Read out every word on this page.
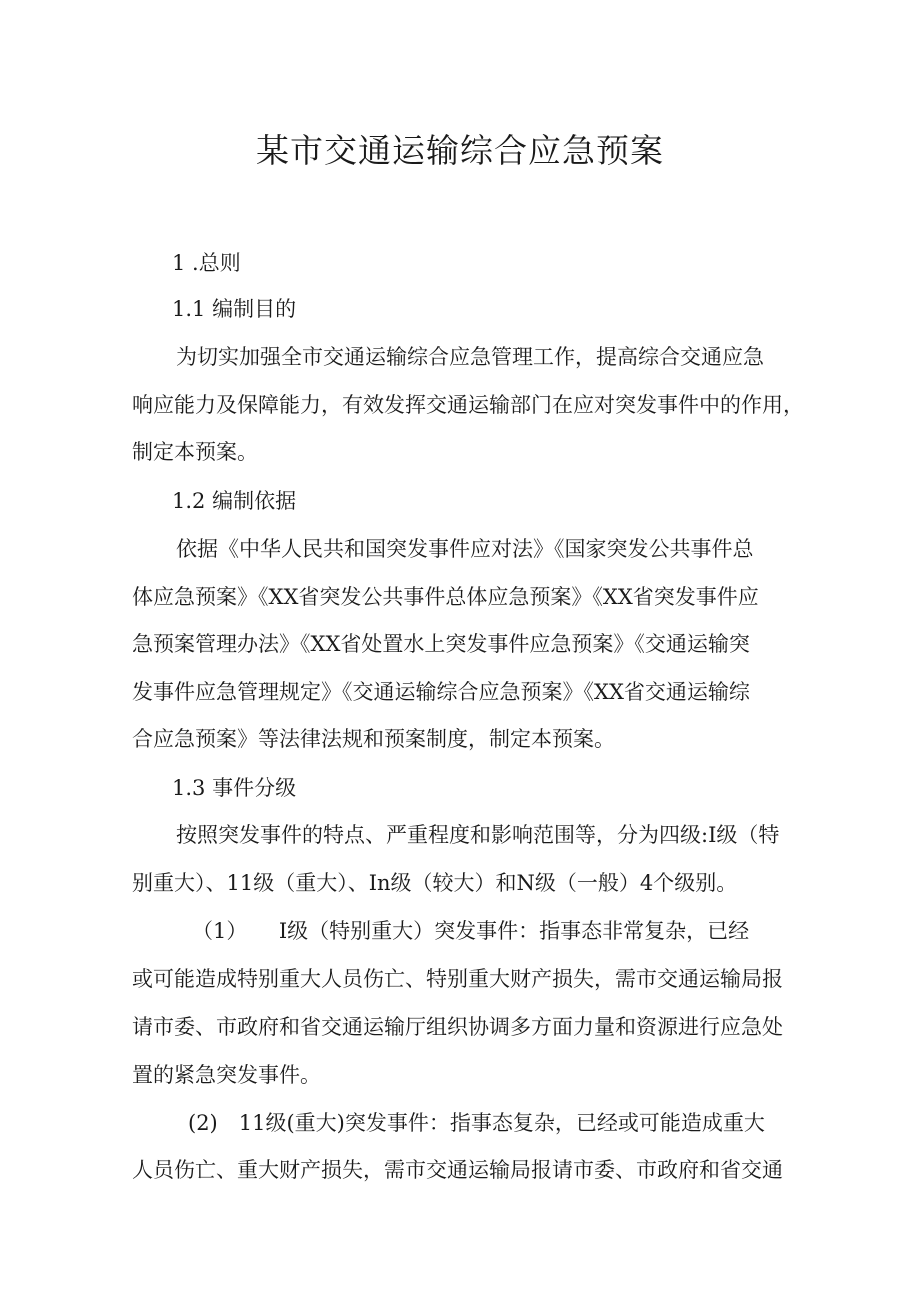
某市交通运输综合应急预案
1 .总则
1.1 编制目的
为切实加强全市交通运输综合应急管理工作，提高综合交通应急
响应能力及保障能力，有效发挥交通运输部门在应对突发事件中的作用，
制定本预案。
1.2 编制依据
依据《中华人民共和国突发事件应对法》《国家突发公共事件总
体应急预案》《XX省突发公共事件总体应急预案》《XX省突发事件应
急预案管理办法》《XX省处置水上突发事件应急预案》《交通运输突
发事件应急管理规定》《交通运输综合应急预案》《XX省交通运输综
合应急预案》等法律法规和预案制度，制定本预案。
1.3 事件分级
按照突发事件的特点、严重程度和影响范围等，分为四级:I级（特
别重大）、11级（重大）、In级（较大）和N级（一般）4个级别。
（1）　　I级（特别重大）突发事件：指事态非常复杂，已经
或可能造成特别重大人员伤亡、特别重大财产损失，需市交通运输局报
请市委、市政府和省交通运输厅组织协调多方面力量和资源进行应急处
置的紧急突发事件。
(2)　11级(重大)突发事件：指事态复杂，已经或可能造成重大
人员伤亡、重大财产损失，需市交通运输局报请市委、市政府和省交通
